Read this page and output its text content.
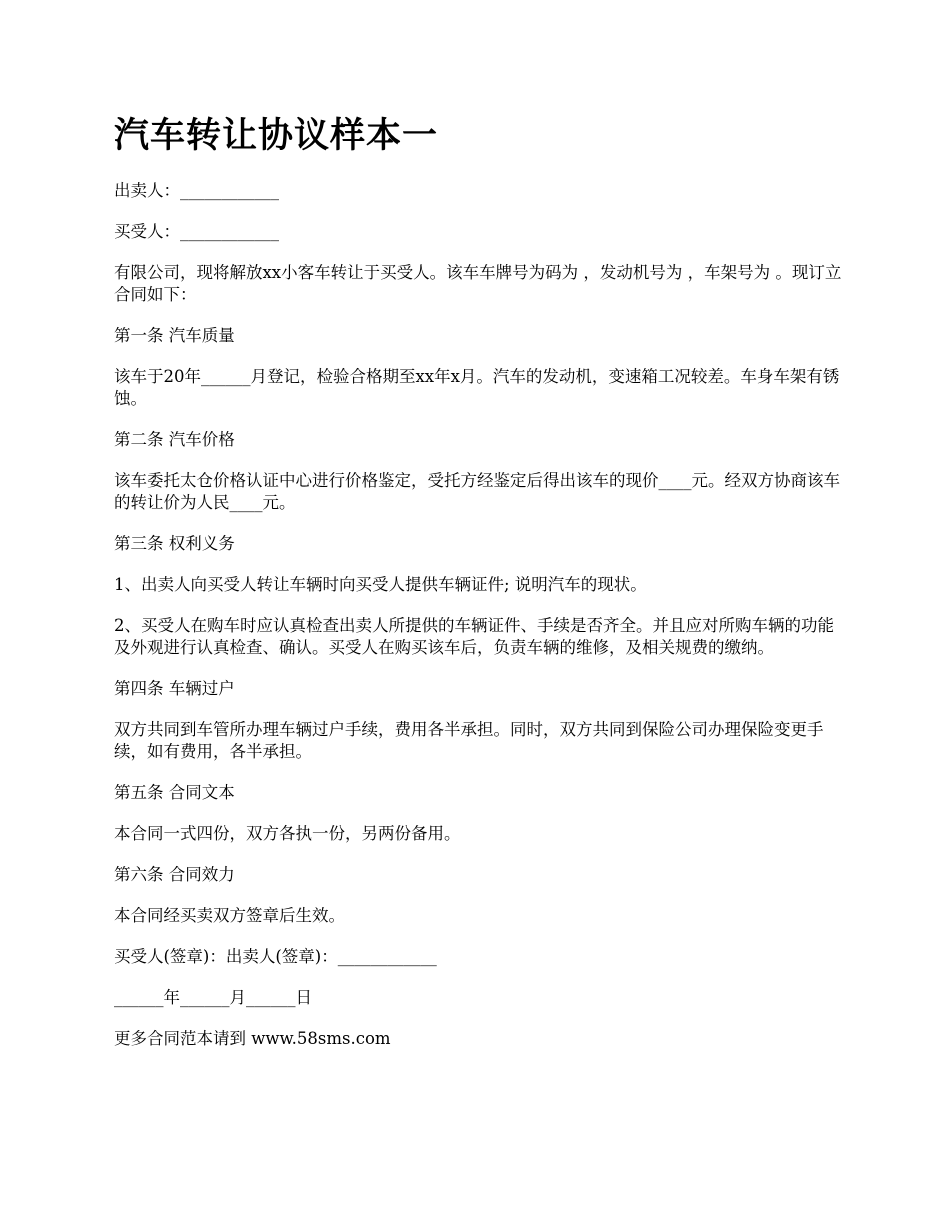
汽车转让协议样本一

出卖人：____________

买受人：____________

有限公司，现将解放xx小客车转让于买受人。该车车牌号为码为 ，发动机号为 ，车架号为 。现订立合同如下：

第一条 汽车质量

该车于20年______月登记，检验合格期至xx年x月。汽车的发动机，变速箱工况较差。车身车架有锈蚀。

第二条 汽车价格

该车委托太仓价格认证中心进行价格鉴定，受托方经鉴定后得出该车的现价____元。经双方协商该车的转让价为人民____元。

第三条 权利义务

1、出卖人向买受人转让车辆时向买受人提供车辆证件; 说明汽车的现状。

2、买受人在购车时应认真检查出卖人所提供的车辆证件、手续是否齐全。并且应对所购车辆的功能及外观进行认真检查、确认。买受人在购买该车后，负责车辆的维修，及相关规费的缴纳。

第四条 车辆过户

双方共同到车管所办理车辆过户手续，费用各半承担。同时，双方共同到保险公司办理保险变更手续，如有费用，各半承担。

第五条 合同文本

本合同一式四份，双方各执一份，另两份备用。

第六条 合同效力

本合同经买卖双方签章后生效。

买受人(签章)：出卖人(签章)：____________

______年______月______日

更多合同范本请到 www.58sms.com
